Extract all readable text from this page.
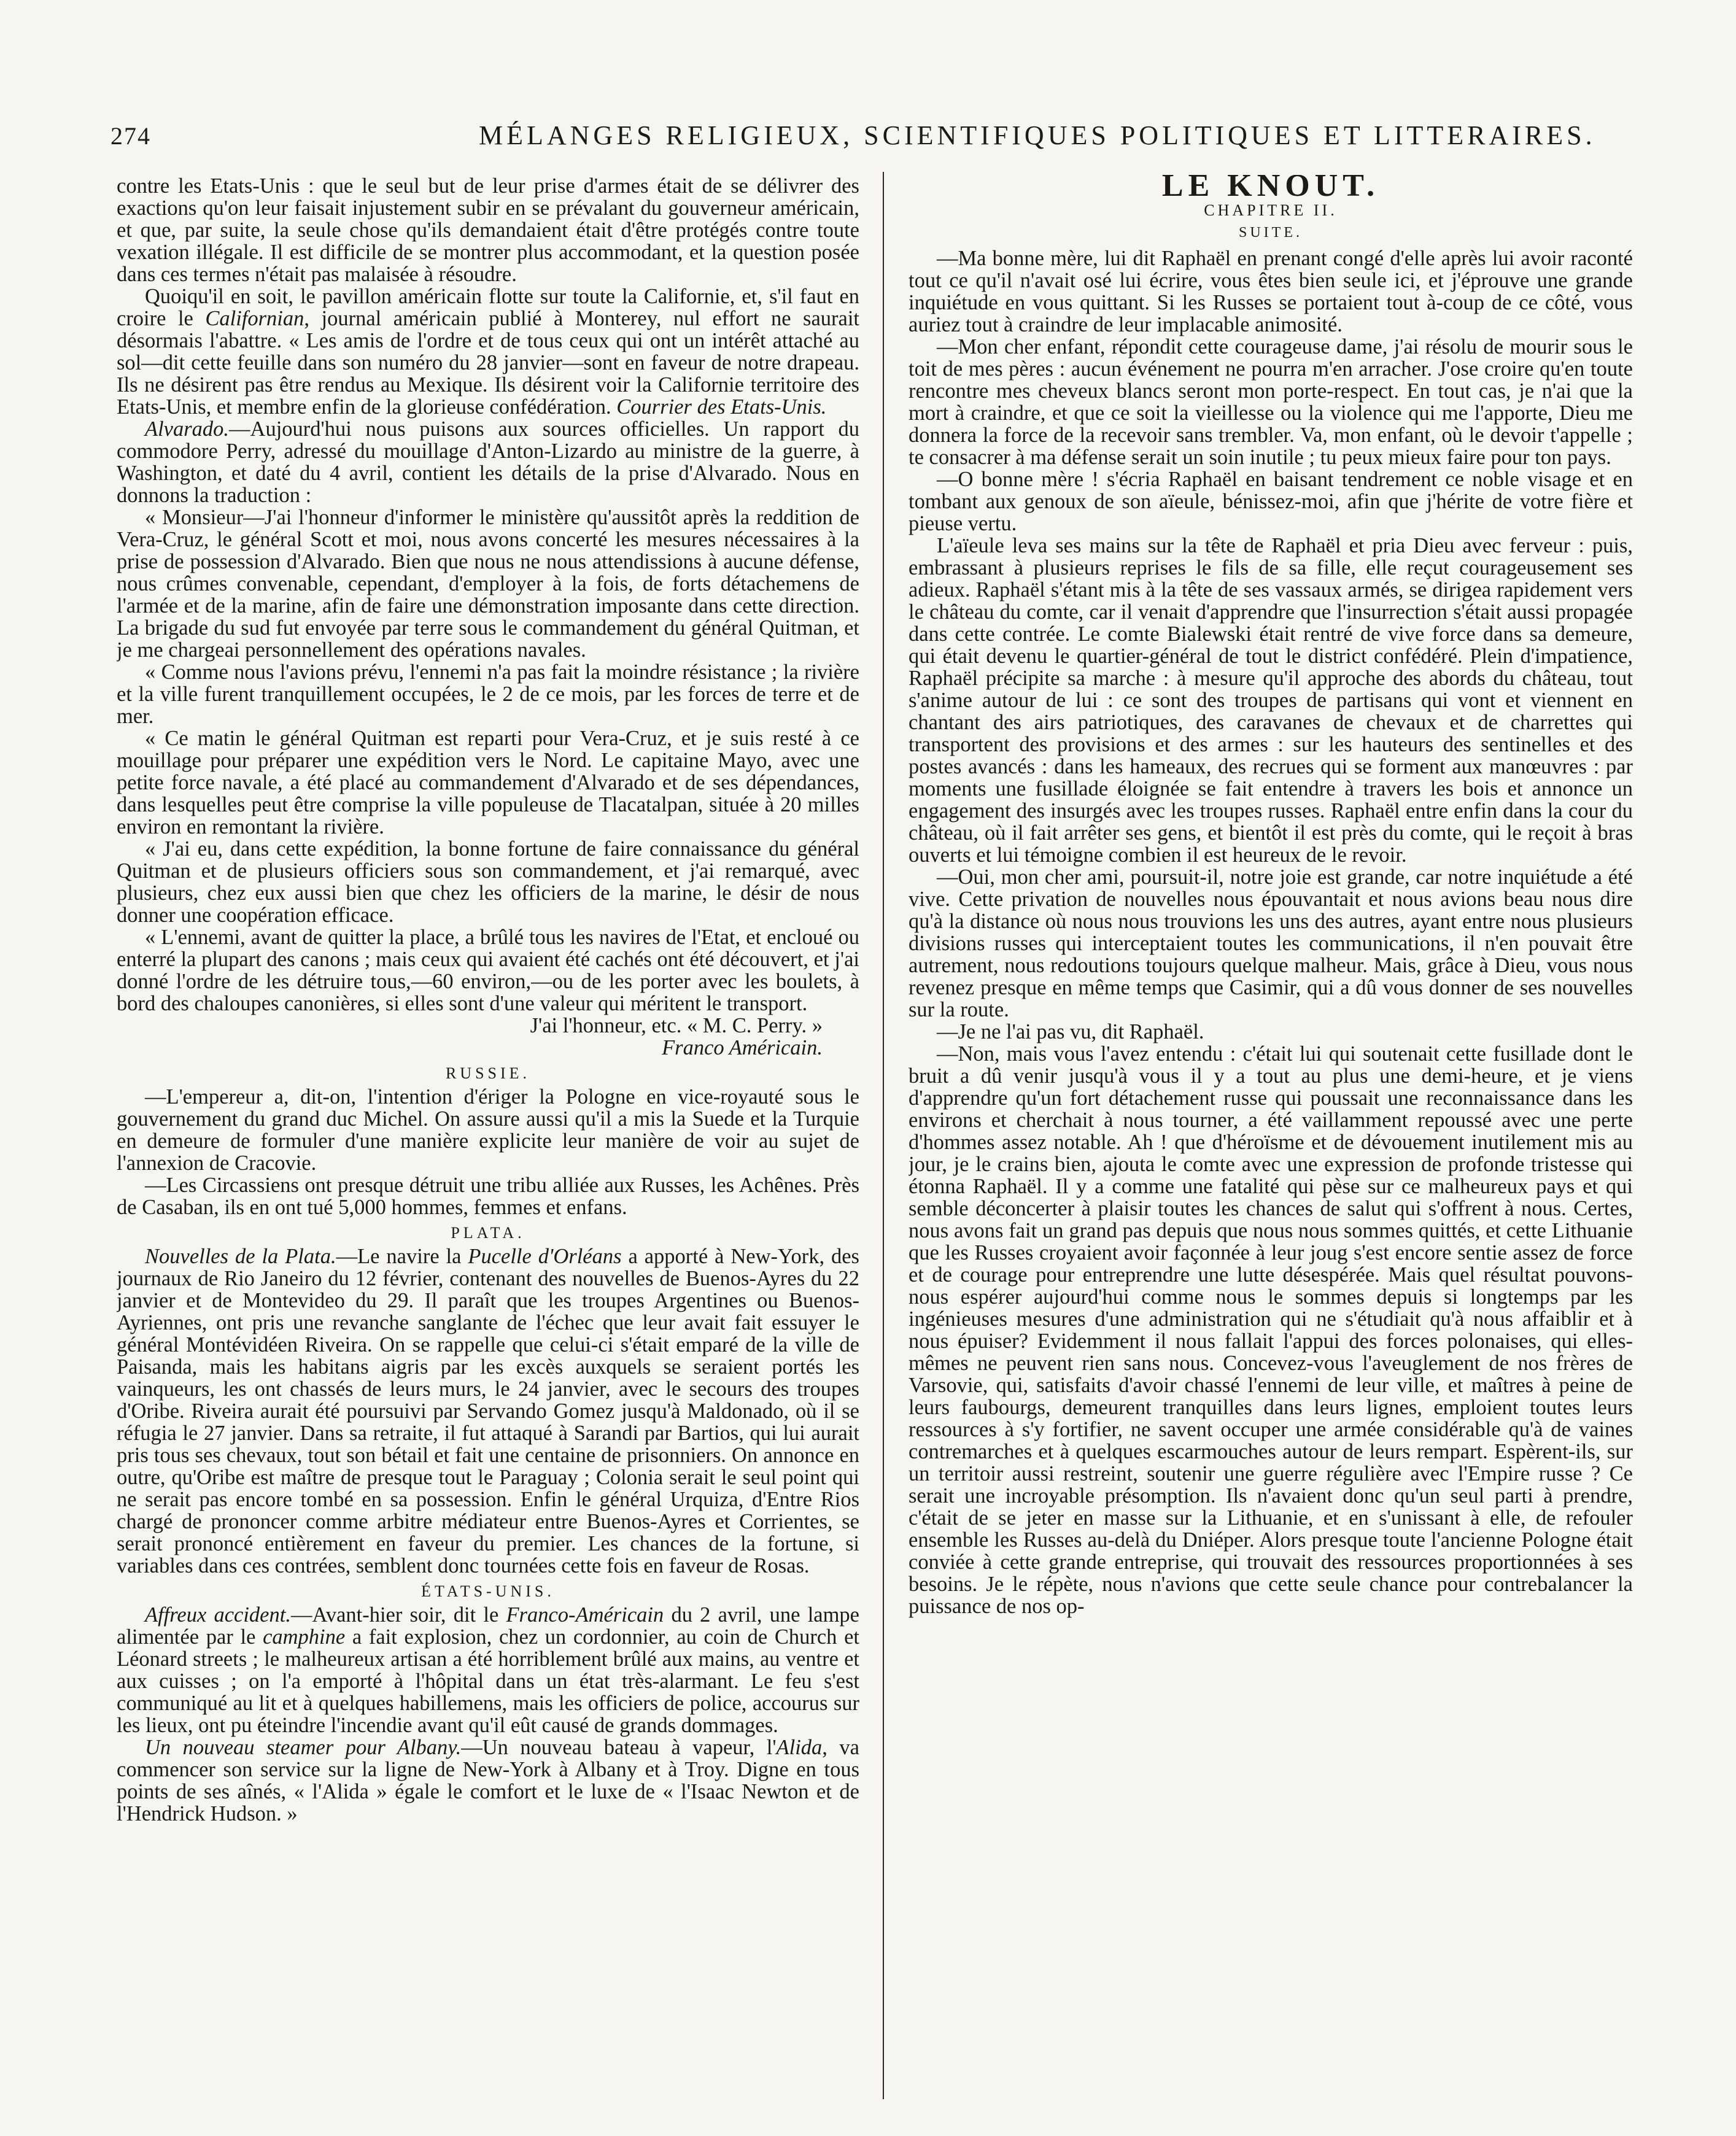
274	MÉLANGES RELIGIEUX, SCIENTIFIQUES POLITIQUES ET LITTERAIRES.

contre les Etats-Unis : que le seul but de leur prise d'armes était de se délivrer des exactions qu'on leur faisait injustement subir en se prévalant du gouverneur américain, et que, par suite, la seule chose qu'ils demandaient était d'être protégés contre toute vexation illégale. Il est difficile de se montrer plus accommodant, et la question posée dans ces termes n'était pas malaisée à résoudre.

Quoiqu'il en soit, le pavillon américain flotte sur toute la Californie, et, s'il faut en croire le Californian, journal américain publié à Monterey, nul effort ne saurait désormais l'abattre. « Les amis de l'ordre et de tous ceux qui ont un intérêt attaché au sol—dit cette feuille dans son numéro du 28 janvier—sont en faveur de notre drapeau. Ils ne désirent pas être rendus au Mexique. Ils désirent voir la Californie territoire des Etats-Unis, et membre enfin de la glorieuse confédération. Courrier des Etats-Unis.

Alvarado.—Aujourd'hui nous puisons aux sources officielles. Un rapport du commodore Perry, adressé du mouillage d'Anton-Lizardo au ministre de la guerre, à Washington, et daté du 4 avril, contient les détails de la prise d'Alvarado. Nous en donnons la traduction :

« Monsieur—J'ai l'honneur d'informer le ministère qu'aussitôt après la reddition de Vera-Cruz, le général Scott et moi, nous avons concerté les mesures nécessaires à la prise de possession d'Alvarado. Bien que nous ne nous attendissions à aucune défense, nous crûmes convenable, cependant, d'employer à la fois, de forts détachemens de l'armée et de la marine, afin de faire une démonstration imposante dans cette direction. La brigade du sud fut envoyée par terre sous le commandement du général Quitman, et je me chargeai personnellement des opérations navales.

« Comme nous l'avions prévu, l'ennemi n'a pas fait la moindre résistance ; la rivière et la ville furent tranquillement occupées, le 2 de ce mois, par les forces de terre et de mer.

« Ce matin le général Quitman est reparti pour Vera-Cruz, et je suis resté à ce mouillage pour préparer une expédition vers le Nord. Le capitaine Mayo, avec une petite force navale, a été placé au commandement d'Alvarado et de ses dépendances, dans lesquelles peut être comprise la ville populeuse de Tlacatalpan, située à 20 milles environ en remontant la rivière.

« J'ai eu, dans cette expédition, la bonne fortune de faire connaissance du général Quitman et de plusieurs officiers sous son commandement, et j'ai remarqué, avec plusieurs, chez eux aussi bien que chez les officiers de la marine, le désir de nous donner une coopération efficace.

« L'ennemi, avant de quitter la place, a brûlé tous les navires de l'Etat, et encloué ou enterré la plupart des canons ; mais ceux qui avaient été cachés ont été découvert, et j'ai donné l'ordre de les détruire tous,—60 environ,—ou de les porter avec les boulets, à bord des chaloupes canonières, si elles sont d'une valeur qui méritent le transport.

J'ai l'honneur, etc. « M. C. Perry. »

Franco Américain.

RUSSIE.

—L'empereur a, dit-on, l'intention d'ériger la Pologne en vice-royauté sous le gouvernement du grand duc Michel. On assure aussi qu'il a mis la Suede et la Turquie en demeure de formuler d'une manière explicite leur manière de voir au sujet de l'annexion de Cracovie.

—Les Circassiens ont presque détruit une tribu alliée aux Russes, les Achênes. Près de Casaban, ils en ont tué 5,000 hommes, femmes et enfans.

PLATA.

Nouvelles de la Plata.—Le navire la Pucelle d'Orléans a apporté à New-York, des journaux de Rio Janeiro du 12 février, contenant des nouvelles de Buenos-Ayres du 22 janvier et de Montevideo du 29. Il paraît que les troupes Argentines ou Buenos-Ayriennes, ont pris une revanche sanglante de l'échec que leur avait fait essuyer le général Montévidéen Riveira. On se rappelle que celui-ci s'était emparé de la ville de Paisanda, mais les habitans aigris par les excès auxquels se seraient portés les vainqueurs, les ont chassés de leurs murs, le 24 janvier, avec le secours des troupes d'Oribe. Riveira aurait été poursuivi par Servando Gomez jusqu'à Maldonado, où il se réfugia le 27 janvier. Dans sa retraite, il fut attaqué à Sarandi par Bartios, qui lui aurait pris tous ses chevaux, tout son bétail et fait une centaine de prisonniers. On annonce en outre, qu'Oribe est maître de presque tout le Paraguay ; Colonia serait le seul point qui ne serait pas encore tombé en sa possession. Enfin le général Urquiza, d'Entre Rios chargé de prononcer comme arbitre médiateur entre Buenos-Ayres et Corrientes, se serait prononcé entièrement en faveur du premier. Les chances de la fortune, si variables dans ces contrées, semblent donc tournées cette fois en faveur de Rosas.

ÉTATS-UNIS.

Affreux accident.—Avant-hier soir, dit le Franco-Américain du 2 avril, une lampe alimentée par le camphine a fait explosion, chez un cordonnier, au coin de Church et Léonard streets ; le malheureux artisan a été horriblement brûlé aux mains, au ventre et aux cuisses ; on l'a emporté à l'hôpital dans un état très-alarmant. Le feu s'est communiqué au lit et à quelques habillemens, mais les officiers de police, accourus sur les lieux, ont pu éteindre l'incendie avant qu'il eût causé de grands dommages.

Un nouveau steamer pour Albany.—Un nouveau bateau à vapeur, l'Alida, va commencer son service sur la ligne de New-York à Albany et à Troy. Digne en tous points de ses aînés, « l'Alida » égale le comfort et le luxe de « l'Isaac Newton et de l'Hendrick Hudson. »

LE KNOUT.
CHAPITRE II.
SUITE.

—Ma bonne mère, lui dit Raphaël en prenant congé d'elle après lui avoir raconté tout ce qu'il n'avait osé lui écrire, vous êtes bien seule ici, et j'éprouve une grande inquiétude en vous quittant. Si les Russes se portaient tout à-coup de ce côté, vous auriez tout à craindre de leur implacable animosité.

—Mon cher enfant, répondit cette courageuse dame, j'ai résolu de mourir sous le toit de mes pères : aucun événement ne pourra m'en arracher. J'ose croire qu'en toute rencontre mes cheveux blancs seront mon porte-respect. En tout cas, je n'ai que la mort à craindre, et que ce soit la vieillesse ou la violence qui me l'apporte, Dieu me donnera la force de la recevoir sans trembler. Va, mon enfant, où le devoir t'appelle ; te consacrer à ma défense serait un soin inutile ; tu peux mieux faire pour ton pays.

—O bonne mère ! s'écria Raphaël en baisant tendrement ce noble visage et en tombant aux genoux de son aïeule, bénissez-moi, afin que j'hérite de votre fière et pieuse vertu.

L'aïeule leva ses mains sur la tête de Raphaël et pria Dieu avec ferveur : puis, embrassant à plusieurs reprises le fils de sa fille, elle reçut courageusement ses adieux. Raphaël s'étant mis à la tête de ses vassaux armés, se dirigea rapidement vers le château du comte, car il venait d'apprendre que l'insurrection s'était aussi propagée dans cette contrée. Le comte Bialewski était rentré de vive force dans sa demeure, qui était devenu le quartier-général de tout le district confédéré. Plein d'impatience, Raphaël précipite sa marche : à mesure qu'il approche des abords du château, tout s'anime autour de lui : ce sont des troupes de partisans qui vont et viennent en chantant des airs patriotiques, des caravanes de chevaux et de charrettes qui transportent des provisions et des armes : sur les hauteurs des sentinelles et des postes avancés : dans les hameaux, des recrues qui se forment aux manœuvres : par moments une fusillade éloignée se fait entendre à travers les bois et annonce un engagement des insurgés avec les troupes russes. Raphaël entre enfin dans la cour du château, où il fait arrêter ses gens, et bientôt il est près du comte, qui le reçoit à bras ouverts et lui témoigne combien il est heureux de le revoir.

—Oui, mon cher ami, poursuit-il, notre joie est grande, car notre inquiétude a été vive. Cette privation de nouvelles nous épouvantait et nous avions beau nous dire qu'à la distance où nous nous trouvions les uns des autres, ayant entre nous plusieurs divisions russes qui interceptaient toutes les communications, il n'en pouvait être autrement, nous redoutions toujours quelque malheur. Mais, grâce à Dieu, vous nous revenez presque en même temps que Casimir, qui a dû vous donner de ses nouvelles sur la route.

—Je ne l'ai pas vu, dit Raphaël.

—Non, mais vous l'avez entendu : c'était lui qui soutenait cette fusillade dont le bruit a dû venir jusqu'à vous il y a tout au plus une demi-heure, et je viens d'apprendre qu'un fort détachement russe qui poussait une reconnaissance dans les environs et cherchait à nous tourner, a été vaillamment repoussé avec une perte d'hommes assez notable. Ah ! que d'héroïsme et de dévouement inutilement mis au jour, je le crains bien, ajouta le comte avec une expression de profonde tristesse qui étonna Raphaël. Il y a comme une fatalité qui pèse sur ce malheureux pays et qui semble déconcerter à plaisir toutes les chances de salut qui s'offrent à nous. Certes, nous avons fait un grand pas depuis que nous nous sommes quittés, et cette Lithuanie que les Russes croyaient avoir façonnée à leur joug s'est encore sentie assez de force et de courage pour entreprendre une lutte désespérée. Mais quel résultat pouvons-nous espérer aujourd'hui comme nous le sommes depuis si longtemps par les ingénieuses mesures d'une administration qui ne s'étudiait qu'à nous affaiblir et à nous épuiser? Evidemment il nous fallait l'appui des forces polonaises, qui elles-mêmes ne peuvent rien sans nous. Concevez-vous l'aveuglement de nos frères de Varsovie, qui, satisfaits d'avoir chassé l'ennemi de leur ville, et maîtres à peine de leurs faubourgs, demeurent tranquilles dans leurs lignes, emploient toutes leurs ressources à s'y fortifier, ne savent occuper une armée considérable qu'à de vaines contremarches et à quelques escarmouches autour de leurs rempart. Espèrent-ils, sur un territoir aussi restreint, soutenir une guerre régulière avec l'Empire russe ? Ce serait une incroyable présomption. Ils n'avaient donc qu'un seul parti à prendre, c'était de se jeter en masse sur la Lithuanie, et en s'unissant à elle, de refouler ensemble les Russes au-delà du Dniéper. Alors presque toute l'ancienne Pologne était conviée à cette grande entreprise, qui trouvait des ressources proportionnées à ses besoins. Je le répète, nous n'avions que cette seule chance pour contrebalancer la puissance de nos op-
